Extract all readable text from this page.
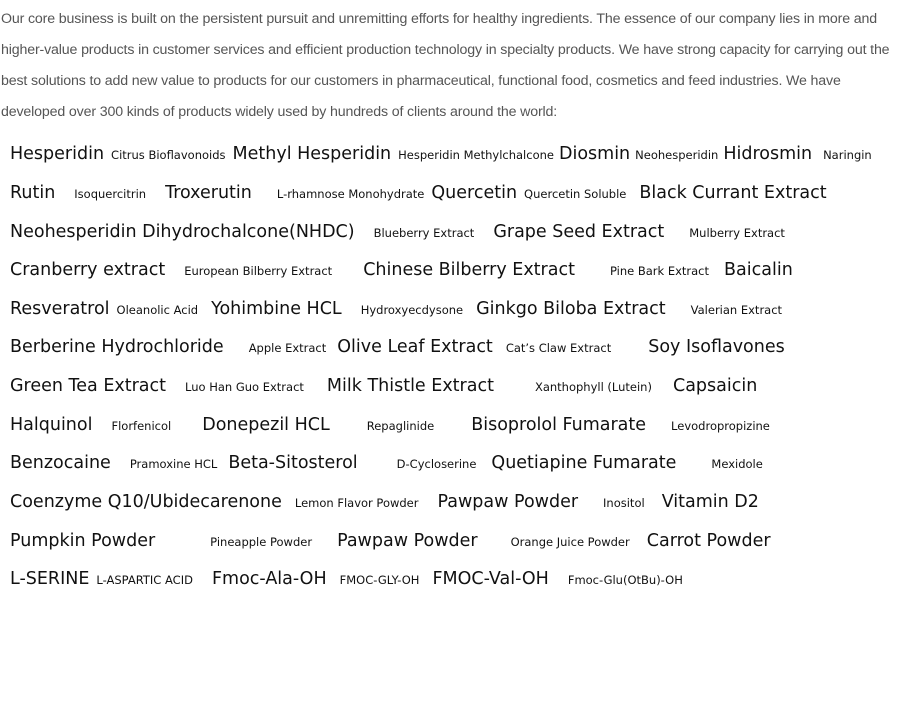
Our core business is built on the persistent pursuit and unremitting efforts for healthy ingredients. The essence of our company lies in more and higher-value products in customer services and efficient production technology in specialty products. We have strong capacity for carrying out the best solutions to add new value to products for our customers in pharmaceutical, functional food, cosmetics and feed industries. We have developed over 300 kinds of products widely used by hundreds of clients around the world:

Hesperidin Citrus Bioflavonoids Methyl Hesperidin Hesperidin Methylchalcone Diosmin Neohesperidin Hidrosmin Naringin
Rutin Isoquercitrin Troxerutin L-rhamnose Monohydrate Quercetin Quercetin Soluble Black Currant Extract
Neohesperidin Dihydrochalcone(NHDC) Blueberry Extract Grape Seed Extract Mulberry Extract
Cranberry extract European Bilberry Extract Chinese Bilberry Extract	Pine Bark Extract Baicalin
Resveratrol Oleanolic Acid Yohimbine HCL Hydroxyecdysone Ginkgo Biloba Extract Valerian Extract
Berberine Hydrochloride Apple Extract Olive Leaf Extract Cat’s Claw Extract Soy Isoflavones
Green Tea Extract Luo Han Guo Extract Milk Thistle Extract	Xanthophyll (Lutein) Capsaicin
Halquinol Florfenicol Donepezil HCL	Repaglinide Bisoprolol Fumarate Levodropropizine
Benzocaine Pramoxine HCL Beta-Sitosterol	D-Cycloserine Quetiapine Fumarate	Mexidole
Coenzyme Q10/Ubidecarenone Lemon Flavor Powder Pawpaw Powder Inositol Vitamin D2
Pumpkin Powder	Pineapple Powder Pawpaw Powder	Orange Juice Powder Carrot Powder
L-SERINE L-ASPARTIC ACID Fmoc-Ala-OH FMOC-GLY-OH FMOC-Val-OH Fmoc-Glu(OtBu)-OH
